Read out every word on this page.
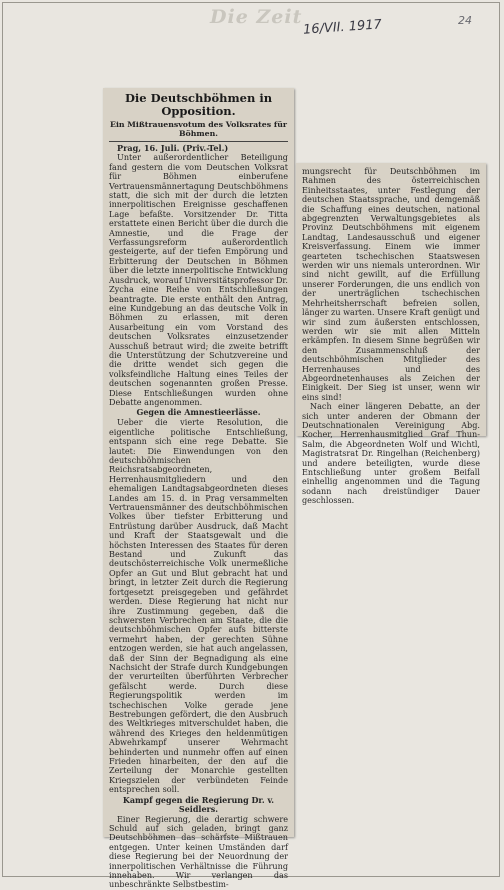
Die Zeit 16/VII. 1917	24
Die Deutschböhmen in Opposition.
Ein Mißtrauensvotum des Volksrates für Böhmen.

Prag, 16. Juli. (Priv.-Tel.)

Unter außerordentlicher Beteiligung fand gestern die vom Deutschen Volksrat für Böhmen einberufene Vertrauensmännertagung Deutschböhmens statt, die sich mit der durch die letzten innerpolitischen Ereignisse geschaffenen Lage befaßte. Vorsitzender Dr. Titta erstattete einen Bericht über die durch die Amnestie, und die Frage der Verfassungsreform außerordentlich gesteigerte, auf der tiefen Empörung und Erbitterung der Deutschen in Böhmen über die letzte innerpolitische Entwicklung Ausdruck, worauf Universitätsprofessor Dr. Zycha eine Reihe von Entschließungen beantragte. Die erste enthält den Antrag, eine Kundgebung an das deutsche Volk in Böhmen zu erlassen, mit deren Ausarbeitung ein vom Vorstand des deutschen Volksrates einzusetzender Ausschuß betraut wird; die zweite betrifft die Unterstützung der Schutzvereine und die dritte wendet sich gegen die volksfeindliche Haltung eines Teiles der deutschen sogenannten großen Presse. Diese Entschließungen wurden ohne Debatte angenommen.

Gegen die Amnestieerlässe.

Ueber die vierte Resolution, die eigentliche politische Entschließung, entspann sich eine rege Debatte. Sie lautet: Die Einwendungen von den deutschböhmischen Reichsratsabgeordneten, Herrenhausmitgliedern und den ehemaligen Landtagsabgeordneten dieses Landes am 15. d. in Prag versammelten Vertrauensmänner des deutschböhmischen Volkes über tiefster Erbitterung und Entrüstung darüber Ausdruck, daß Macht und Kraft der Staatsgewalt und die höchsten Interessen des Staates für deren Bestand und Zukunft das deutschösterreichische Volk unermeßliche Opfer an Gut und Blut gebracht hat und bringt, in letzter Zeit durch die Regierung fortgesetzt preisgegeben und gefährdet werden. Diese Regierung hat nicht nur ihre Zustimmung gegeben, daß die schwersten Verbrechen am Staate, die die deutschböhmischen Opfer aufs bitterste vermehrt haben, der gerechten Sühne entzogen werden, sie hat auch angelassen, daß der Sinn der Begnadigung als eine Nachsicht der Strafe durch Kundgebungen der verurteilten überführten Verbrecher gefälscht werde. Durch diese Regierungspolitik werden im tschechischen Volke gerade jene Bestrebungen gefördert, die den Ausbruch des Weltkrieges mitverschuldet haben, die während des Krieges den heldenmütigen Abwehrkampf unserer Wehrmacht behinderten und nunmehr offen auf einen Frieden hinarbeiten, der den auf die Zerteilung der Monarchie gestellten Kriegszielen der verbündeten Feinde entsprechen soll.

Kampf gegen die Regierung Dr. v. Seidlers.

Einer Regierung, die derartig schwere Schuld auf sich geladen, bringt ganz Deutschböhmen das schärfste Mißtrauen entgegen. Unter keinen Umständen darf diese Regierung bei der Neuordnung der innerpolitischen Verhältnisse die Führung innehaben. Wir verlangen das unbeschränkte Selbstbestim-

mungsrecht für Deutschböhmen im Rahmen des österreichischen Einheitsstaates, unter Festlegung der deutschen Staatssprache, und demgemäß die Schaffung eines deutschen, national abgegrenzten Verwaltungsgebietes als Provinz Deutschböhmens mit eigenem Landtag, Landesausschuß und eigener Kreisverfassung. Einem wie immer gearteten tschechischen Staatswesen werden wir uns niemals unterordnen. Wir sind nicht gewillt, auf die Erfüllung unserer Forderungen, die uns endlich von der unerträglichen tschechischen Mehrheitsherrschaft befreien sollen, länger zu warten. Unsere Kraft genügt und wir sind zum äußersten entschlossen, werden wir sie mit allen Mitteln erkämpfen. In diesem Sinne begrüßen wir den Zusammenschluß der deutschböhmischen Mitglieder des Herrenhauses und des Abgeordnetenhauses als Zeichen der Einigkeit. Der Sieg ist unser, wenn wir eins sind!

Nach einer längeren Debatte, an der sich unter anderen der Obmann der Deutschnationalen Vereinigung Abg. Kocher, Herrenhausmitglied Graf Thun-Salm, die Abgeordneten Wolf und Wichtl, Magistratsrat Dr. Ringelhan (Reichenberg) und andere beteiligten, wurde diese Entschließung unter großem Beifall einhellig angenommen und die Tagung sodann nach dreistündiger Dauer geschlossen.
